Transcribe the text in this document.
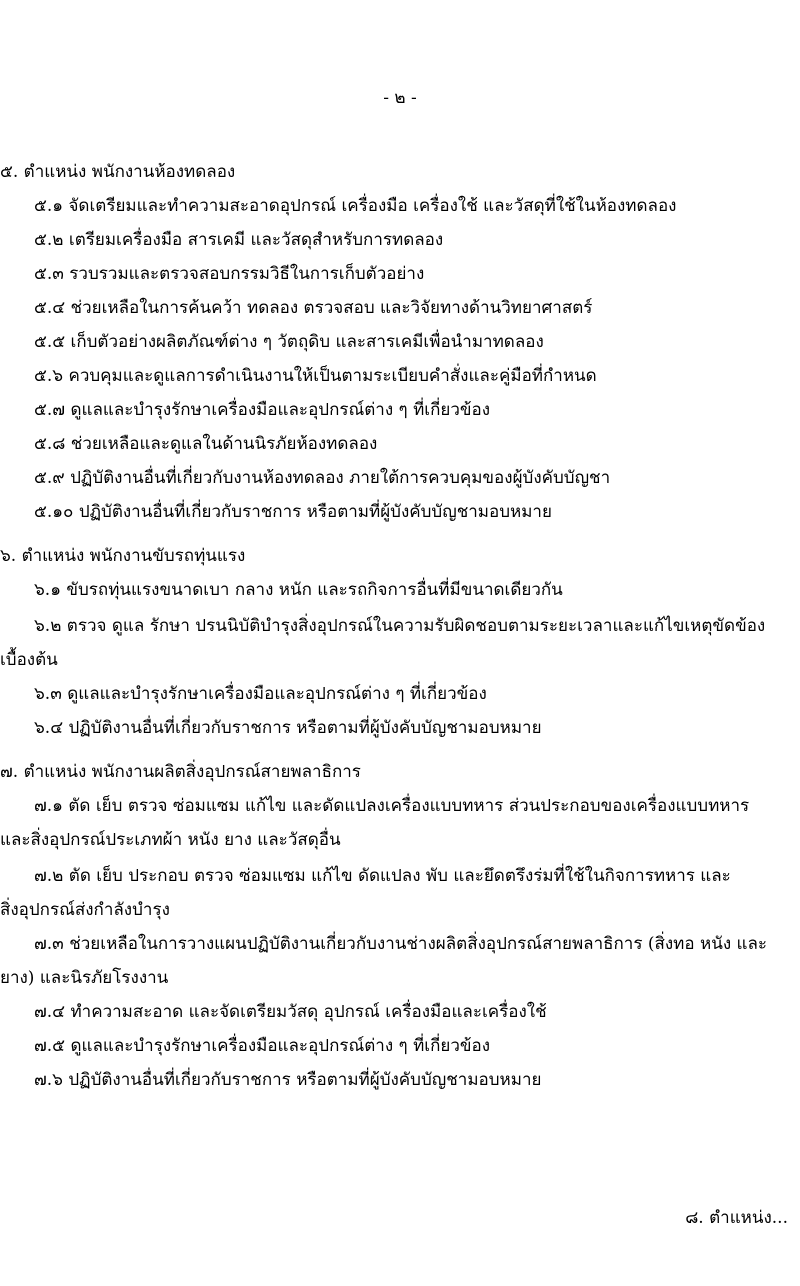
- ๒ -
๕. ตำแหน่ง พนักงานห้องทดลอง
๕.๑ จัดเตรียมและทำความสะอาดอุปกรณ์ เครื่องมือ เครื่องใช้ และวัสดุที่ใช้ในห้องทดลอง
๕.๒ เตรียมเครื่องมือ สารเคมี และวัสดุสำหรับการทดลอง
๕.๓ รวบรวมและตรวจสอบกรรมวิธีในการเก็บตัวอย่าง
๕.๔ ช่วยเหลือในการค้นคว้า ทดลอง ตรวจสอบ และวิจัยทางด้านวิทยาศาสตร์
๕.๕ เก็บตัวอย่างผลิตภัณฑ์ต่าง ๆ วัตถุดิบ และสารเคมีเพื่อนำมาทดลอง
๕.๖ ควบคุมและดูแลการดำเนินงานให้เป็นตามระเบียบคำสั่งและคู่มือที่กำหนด
๕.๗ ดูแลและบำรุงรักษาเครื่องมือและอุปกรณ์ต่าง ๆ ที่เกี่ยวข้อง
๕.๘ ช่วยเหลือและดูแลในด้านนิรภัยห้องทดลอง
๕.๙ ปฏิบัติงานอื่นที่เกี่ยวกับงานห้องทดลอง ภายใต้การควบคุมของผู้บังคับบัญชา
๕.๑๐ ปฏิบัติงานอื่นที่เกี่ยวกับราชการ หรือตามที่ผู้บังคับบัญชามอบหมาย
๖. ตำแหน่ง พนักงานขับรถทุ่นแรง
๖.๑ ขับรถทุ่นแรงขนาดเบา กลาง หนัก และรถกิจการอื่นที่มีขนาดเดียวกัน
๖.๒ ตรวจ ดูแล รักษา ปรนนิบัติบำรุงสิ่งอุปกรณ์ในความรับผิดชอบตามระยะเวลาและแก้ไขเหตุขัดข้อง
เบื้องต้น
๖.๓ ดูแลและบำรุงรักษาเครื่องมือและอุปกรณ์ต่าง ๆ ที่เกี่ยวข้อง
๖.๔ ปฏิบัติงานอื่นที่เกี่ยวกับราชการ หรือตามที่ผู้บังคับบัญชามอบหมาย
๗. ตำแหน่ง พนักงานผลิตสิ่งอุปกรณ์สายพลาธิการ
๗.๑ ตัด เย็บ ตรวจ ซ่อมแซม แก้ไข และดัดแปลงเครื่องแบบทหาร ส่วนประกอบของเครื่องแบบทหาร
และสิ่งอุปกรณ์ประเภทผ้า หนัง ยาง และวัสดุอื่น
๗.๒ ตัด เย็บ ประกอบ ตรวจ ซ่อมแซม แก้ไข ดัดแปลง พับ และยึดตรึงร่มที่ใช้ในกิจการทหาร และ
สิ่งอุปกรณ์ส่งกำลังบำรุง
๗.๓ ช่วยเหลือในการวางแผนปฏิบัติงานเกี่ยวกับงานช่างผลิตสิ่งอุปกรณ์สายพลาธิการ (สิ่งทอ หนัง และ
ยาง) และนิรภัยโรงงาน
๗.๔ ทำความสะอาด และจัดเตรียมวัสดุ อุปกรณ์ เครื่องมือและเครื่องใช้
๗.๕ ดูแลและบำรุงรักษาเครื่องมือและอุปกรณ์ต่าง ๆ ที่เกี่ยวข้อง
๗.๖ ปฏิบัติงานอื่นที่เกี่ยวกับราชการ หรือตามที่ผู้บังคับบัญชามอบหมาย
๘. ตำแหน่ง...
